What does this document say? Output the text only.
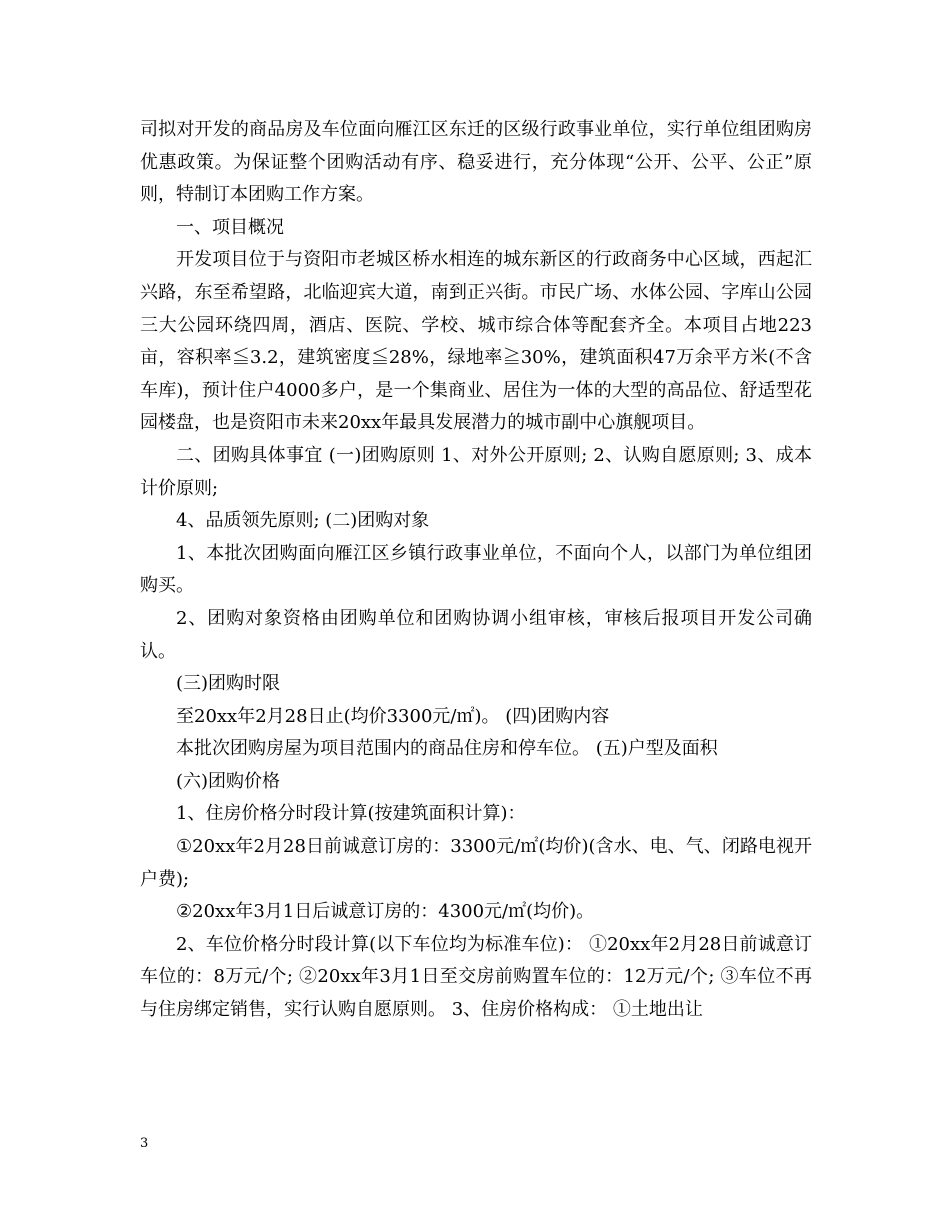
司拟对开发的商品房及车位面向雁江区东迁的区级行政事业单位，实行单位组团购房优惠政策。为保证整个团购活动有序、稳妥进行，充分体现“公开、公平、公正”原则，特制订本团购工作方案。

一、项目概况

开发项目位于与资阳市老城区桥水相连的城东新区的行政商务中心区域，西起汇兴路，东至希望路，北临迎宾大道，南到正兴街。市民广场、水体公园、字库山公园三大公园环绕四周，酒店、医院、学校、城市综合体等配套齐全。本项目占地223亩，容积率≦3.2，建筑密度≦28%，绿地率≧30%，建筑面积47万余平方米(不含车库)，预计住户4000多户，是一个集商业、居住为一体的大型的高品位、舒适型花园楼盘，也是资阳市未来20xx年最具发展潜力的城市副中心旗舰项目。

二、团购具体事宜 (一)团购原则 1、对外公开原则; 2、认购自愿原则; 3、成本计价原则;

4、品质领先原则; (二)团购对象

1、本批次团购面向雁江区乡镇行政事业单位，不面向个人，以部门为单位组团购买。

2、团购对象资格由团购单位和团购协调小组审核，审核后报项目开发公司确认。

(三)团购时限

至20xx年2月28日止(均价3300元/㎡)。 (四)团购内容

本批次团购房屋为项目范围内的商品住房和停车位。 (五)户型及面积

(六)团购价格

1、住房价格分时段计算(按建筑面积计算)：

①20xx年2月28日前诚意订房的：3300元/㎡(均价)(含水、电、气、闭路电视开户费);

②20xx年3月1日后诚意订房的：4300元/㎡(均价)。

2、车位价格分时段计算(以下车位均为标准车位)： ①20xx年2月28日前诚意订车位的：8万元/个; ②20xx年3月1日至交房前购置车位的：12万元/个; ③车位不再与住房绑定销售，实行认购自愿原则。 3、住房价格构成： ①土地出让

3
